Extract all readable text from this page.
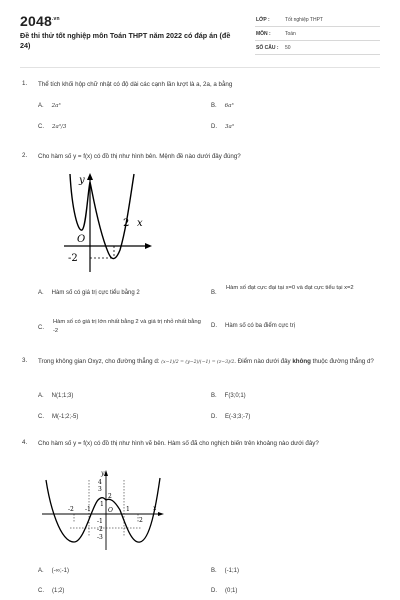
$2048^{.vn}$
Đề thi thử tốt nghiệp môn Toán THPT năm 2022 có đáp án (đề 24)
LỚP :	Tốt nghiệp THPT
MÔN :	Toán
SỐ CÂU : 50
1. Thể tích khối hộp chữ nhật có độ dài các cạnh lần lượt là a, 2a, a bằng
A. 2a³	B. 6a³
C. 2a³/3	D. 3a³
2. Cho hàm số y = f(x) có đồ thị như hình bên. Mệnh đề nào dưới đây đúng?
y
x
O
2
-2
A. Hàm số có giá trị cực tiểu bằng 2	B.
Hàm số đạt cực đại tại x=0 và đạt cực tiểu tại x=2
C.
Hàm số có giá trị lớn nhất bằng 2 và giá trị nhỏ nhất bằng -2
D. Hàm số có ba điểm cực trị
3. Trong không gian Oxyz, cho đường thẳng d: (x−1)/2 = (y−2)/(−1) = (z−3)/2. Điểm nào dưới đây không thuộc đường thẳng d?
A. N(1;1;3)	B. F(3;0;1)
C. M(-1;2;-5)	D. E(-3;3;-7)
4. Cho hàm số y = f(x) có đồ thị như hình vẽ bên. Hàm số đã cho nghịch biến trên khoảng nào dưới đây?
y
x
4
3
2
1
O
-1
-2
-3
-2 -1	1
2
A. (-∞;-1)	B. (-1;1)
C. (1;2)	D. (0;1)
